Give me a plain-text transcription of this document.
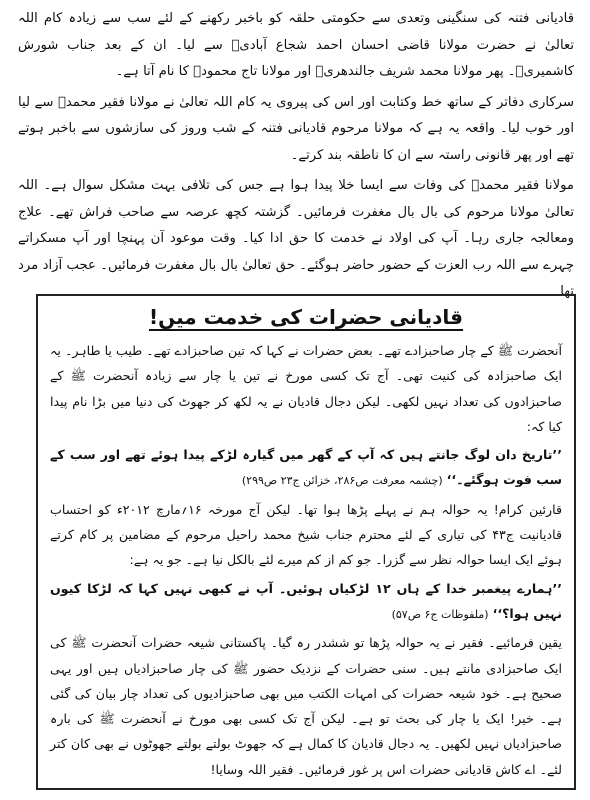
قادیانی فتنہ کی سنگینی وتعدی سے حکومتی حلقہ کو باخبر رکھنے کے لئے سب سے زیادہ کام اللہ تعالیٰ نے حضرت مولانا قاضی احسان احمد شجاع آبادیؒ سے لیا۔ ان کے بعد جناب شورش کاشمیریؒ۔ پھر مولانا محمد شریف جالندھریؒ اور مولانا تاج محمودؒ کا نام آتا ہے۔

سرکاری دفاتر کے ساتھ خط وکتابت اور اس کی پیروی یہ کام اللہ تعالیٰ نے مولانا فقیر محمدؒ سے لیا اور خوب لیا۔ واقعہ یہ ہے کہ مولانا مرحوم قادیانی فتنہ کے شب وروز کی سازشوں سے باخبر ہوتے تھے اور پھر قانونی راستہ سے ان کا ناطقہ بند کرتے۔

مولانا فقیر محمدؒ کی وفات سے ایسا خلا پیدا ہوا ہے جس کی تلافی بہت مشکل سوال ہے۔ اللہ تعالیٰ مولانا مرحوم کی بال بال مغفرت فرمائیں۔ گزشتہ کچھ عرصہ سے صاحب فراش تھے۔ علاج ومعالجہ جاری رہا۔ آپ کی اولاد نے خدمت کا حق ادا کیا۔ وقت موعود آن پہنچا اور آپ مسکراتے چہرے سے اللہ رب العزت کے حضور حاضر ہوگئے۔ حق تعالیٰ بال بال مغفرت فرمائیں۔ عجب آزاد مرد تھا۔

قادیانی حضرات کی خدمت میں!

آنحضرت ﷺ کے چار صاحبزادے تھے۔ بعض حضرات نے کہا کہ تین صاحبزادے تھے۔ طیب یا طاہر۔ یہ ایک صاحبزادہ کی کنیت تھی۔ آج تک کسی مورخ نے تین یا چار سے زیادہ آنحضرت ﷺ کے صاحبزادوں کی تعداد نہیں لکھی۔ لیکن دجال قادیان نے یہ لکھ کر جھوٹ کی دنیا میں بڑا نام پیدا کیا کہ:

’’تاریخ دان لوگ جانتے ہیں کہ آپ کے گھر میں گیارہ لڑکے پیدا ہوئے تھے اور سب کے سب فوت ہوگئے۔‘‘ (چشمہ معرفت ص۲۸۶، خزائن ج۲۳ ص۲۹۹)

قارئین کرام! یہ حوالہ ہم نے پہلے پڑھا ہوا تھا۔ لیکن آج مورخہ ۱۶؍مارچ ۲۰۱۲ء کو احتساب قادیانیت ج۴۳ کی تیاری کے لئے محترم جناب شیخ محمد راحیل مرحوم کے مضامین پر کام کرتے ہوئے ایک ایسا حوالہ نظر سے گزرا۔ جو کم از کم میرے لئے بالکل نیا ہے۔ جو یہ ہے:

’’ہمارے پیغمبر خدا کے ہاں ۱۲ لڑکیاں ہوئیں۔ آپ نے کبھی نہیں کہا کہ لڑکا کیوں نہیں ہوا؟‘‘ (ملفوظات ج۶ ص۵۷)

یقین فرمائیے۔ فقیر نے یہ حوالہ پڑھا تو ششدر رہ گیا۔ پاکستانی شیعہ حضرات آنحضرت ﷺ کی ایک صاحبزادی مانتے ہیں۔ سنی حضرات کے نزدیک حضور ﷺ کی چار صاحبزادیاں ہیں اور یہی صحیح ہے۔ خود شیعہ حضرات کی امہات الکتب میں بھی صاحبزادیوں کی تعداد چار بیان کی گئی ہے۔ خیر! ایک یا چار کی بحث تو ہے۔ لیکن آج تک کسی بھی مورخ نے آنحضرت ﷺ کی بارہ صاحبزادیاں نہیں لکھیں۔ یہ دجال قادیان کا کمال ہے کہ جھوٹ بولتے بولتے جھوٹوں نے بھی کان کتر لئے۔ اے کاش قادیانی حضرات اس پر غور فرمائیں۔ فقیر اللہ وسایا!
